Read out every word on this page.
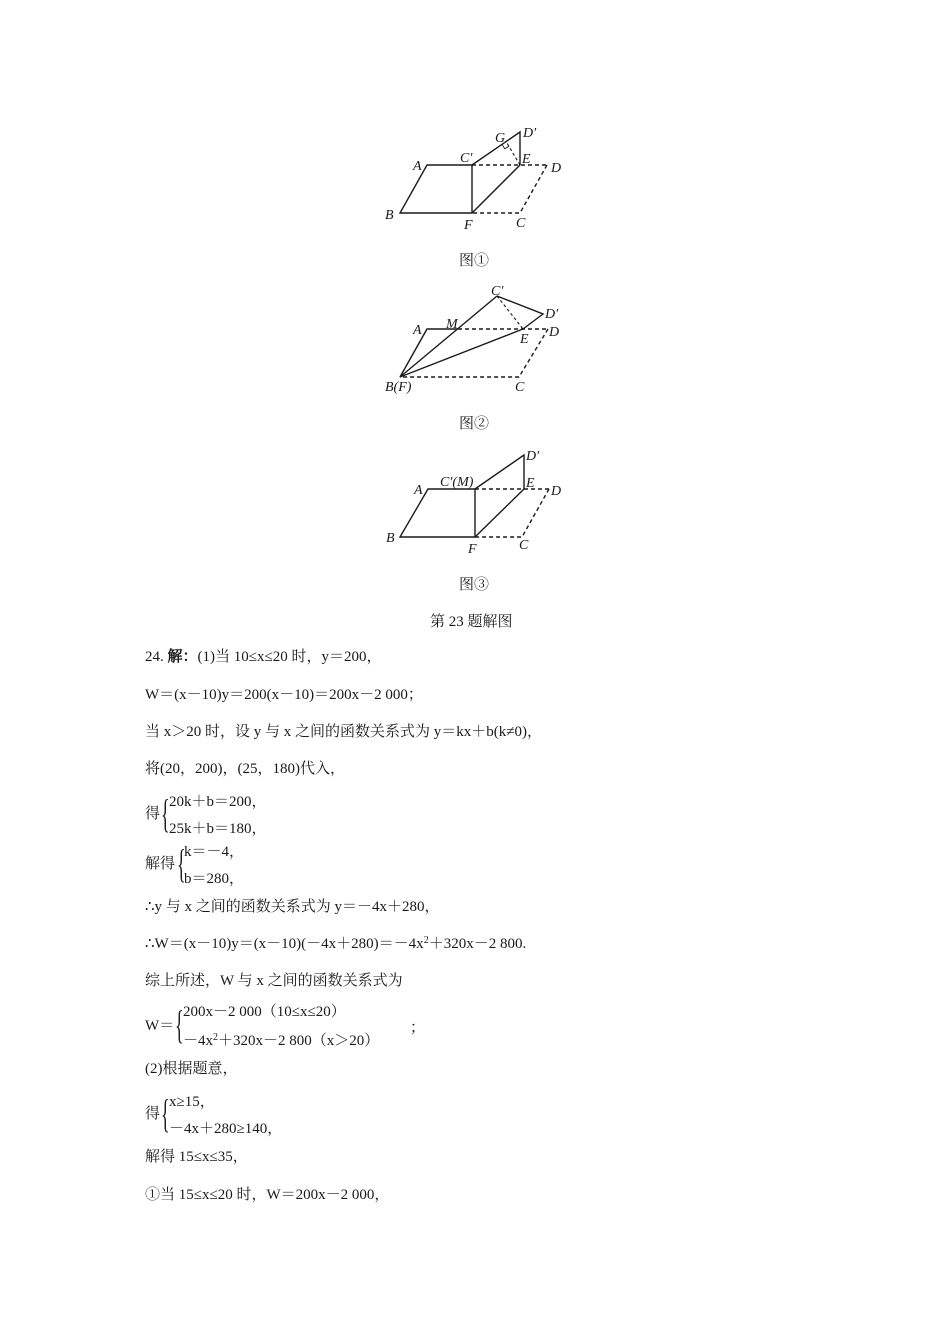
A
B
C′
F	C
D
D′
E
G
A M
C′
D′
D
E
B(F)	C
A
C′(M)
D′
E
D
B
F	C
图①
图②
图③
第 23 题解图
24. 解：(1)当 10≤x≤20 时，y＝200，
W＝(x－10)y＝200(x－10)＝200x－2 000；
当 x＞20 时，设 y 与 x 之间的函数关系式为 y＝kx＋b(k≠0)，
将(20，200)，(25，180)代入，
得 { 20k＋b＝200，
25k＋b＝180，
解得 {
k＝－4，
b＝280，
∴y 与 x 之间的函数关系式为 y＝－4x＋280，
$\therefore W=(x-10)y=(x-10)(-4x+280)=-4x^2+320x-2$ 800.
综上所述，W 与 x 之间的函数关系式为
W＝ { 200x－2 000（10≤x≤20）
$-4x^2+320x-2$ 800（x＞20）
；
(2)根据题意，
得 { x≥15，
－4x＋280≥140，
解得 15≤x≤35，
①当 15≤x≤20 时，W＝200x－2 000，
